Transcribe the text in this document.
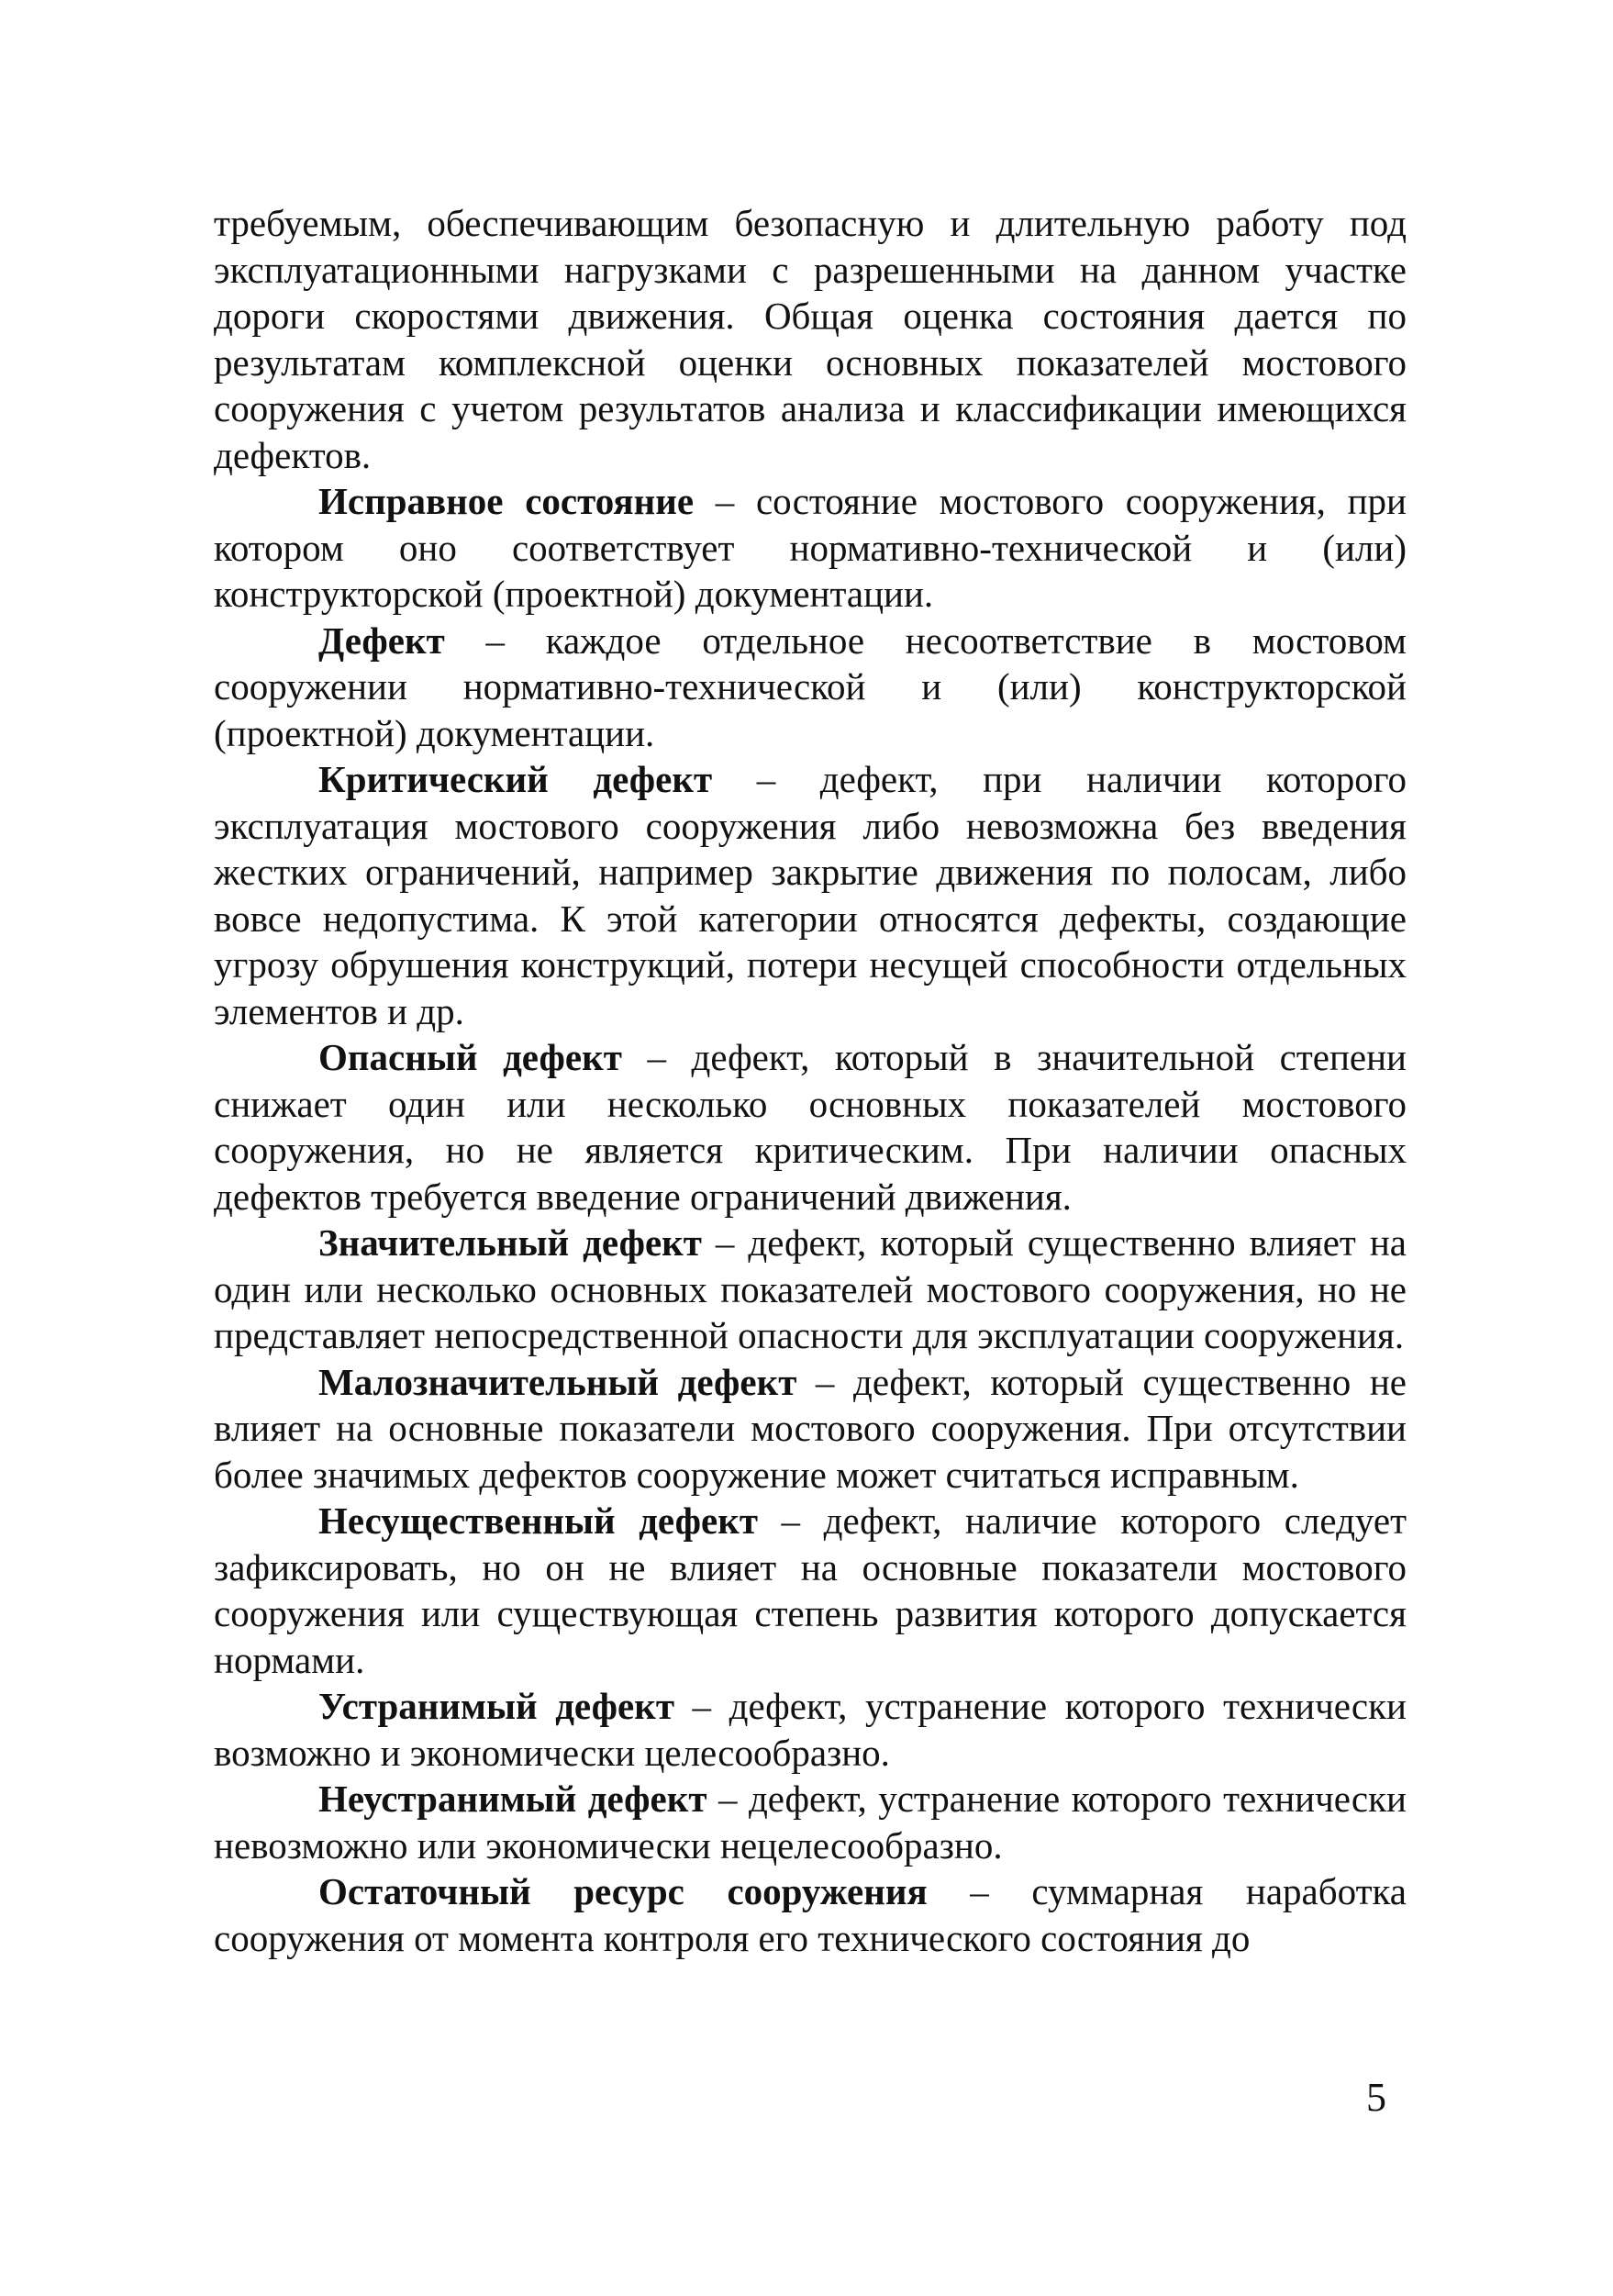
требуемым, обеспечивающим безопасную и длительную работу под эксплуатационными нагрузками с разрешенными на данном участке дороги скоростями движения. Общая оценка состояния дается по результатам комплексной оценки основных показателей мостового сооружения с учетом результатов анализа и классификации имеющихся дефектов.

Исправное состояние – состояние мостового сооружения, при котором оно соответствует нормативно-технической и (или) конструкторской (проектной) документации.

Дефект – каждое отдельное несоответствие в мостовом сооружении нормативно-технической и (или) конструкторской (проектной) документации.

Критический дефект – дефект, при наличии которого эксплуатация мостового сооружения либо невозможна без введения жестких ограничений, например закрытие движения по полосам, либо вовсе недопустима. К этой категории относятся дефекты, создающие угрозу обрушения конструкций, потери несущей способности отдельных элементов и др.

Опасный дефект – дефект, который в значительной степени снижает один или несколько основных показателей мостового сооружения, но не является критическим. При наличии опасных дефектов требуется введение ограничений движения.

Значительный дефект – дефект, который существенно влияет на один или несколько основных показателей мостового сооружения, но не представляет непосредственной опасности для эксплуатации сооружения.

Малозначительный дефект – дефект, который существенно не влияет на основные показатели мостового сооружения. При отсутствии более значимых дефектов сооружение может считаться исправным.

Несущественный дефект – дефект, наличие которого следует зафиксировать, но он не влияет на основные показатели мостового сооружения или существующая степень развития которого допускается нормами.

Устранимый дефект – дефект, устранение которого технически возможно и экономически целесообразно.

Неустранимый дефект – дефект, устранение которого технически невозможно или экономически нецелесообразно.

Остаточный ресурс сооружения – суммарная наработка сооружения от момента контроля его технического состояния до

5
